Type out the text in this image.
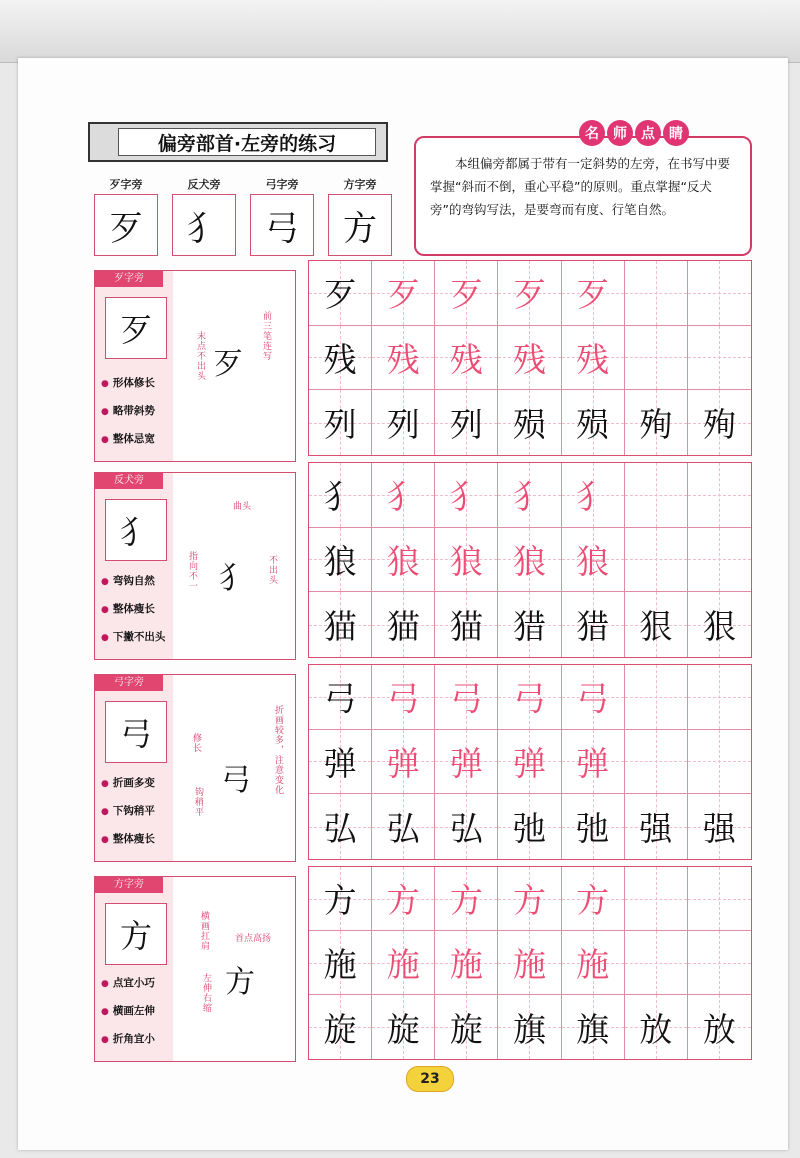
偏旁部首·左旁的练习
歹字旁	反犬旁	弓字旁	方字旁
歹	犭	弓	方
本组偏旁都属于带有一定斜势的左旁，在书写中要掌握“斜而不倒，重心平稳”的原则。重点掌握“反犬旁”的弯钩写法，是要弯而有度、行笔自然。
名	师	点	睛
歹字旁
歹
● 形体修长
● 略带斜势
● 整体忌宽
歹
末点不出头	前三笔连写
歹 歹 歹 歹 歹
残 残 残 残 残
列 列 列 殒 殒 殉 殉
反犬旁
犭
● 弯钩自然
● 整体瘦长
● 下撇不出头
犭
曲头
指向不一	不出头
犭 犭 犭 犭 犭
狼 狼 狼 狼 狼
猫 猫 猫 猎 猎 狠 狠
弓字旁
弓
● 折画多变
● 下钩稍平
● 整体瘦长
弓
修长
钩稍平
折画较多，注意变化
弓 弓 弓 弓 弓
弹 弹 弹 弹 弹
弘 弘 弘 弛 弛 强 强
方字旁
方
● 点宜小巧
● 横画左伸
● 折角宜小
方
横画扛肩	首点高扬
左伸右缩
方 方 方 方 方
施 施 施 施 施
旋 旋 旋 旗 旗 放 放
23
